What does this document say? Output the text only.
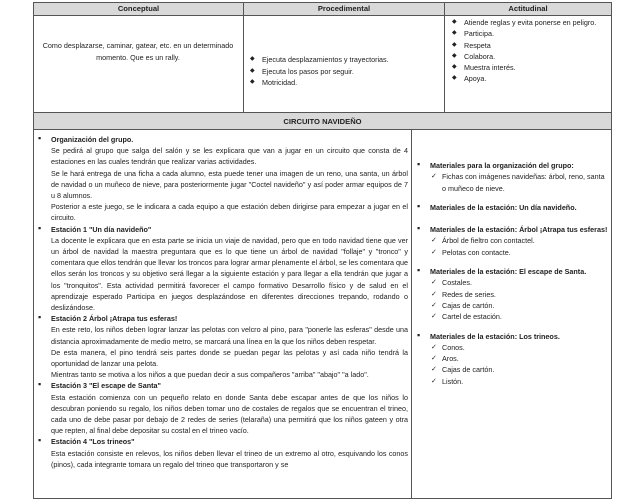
Conceptual	Procedimental	Actitudinal

Como desplazarse, caminar, gatear, etc. en un determinado momento. Que es un rally.

◆	Ejecuta desplazamientos y trayectorias.
◆ Ejecuta los pasos por seguir.
◆ Motricidad.
◆ Atiende reglas y evita ponerse en peligro.
◆ Participa.
◆ Respeta
◆ Colabora.
◆ Muestra interés.
◆ Apoya.
CIRCUITO NAVIDEÑO
▪ Organización del grupo.
Se pedirá al grupo que salga del salón y se les explicara que van a jugar en un circuito que consta de 4 estaciones en las cuales tendrán que realizar varias actividades.
Se le hará entrega de una ficha a cada alumno, esta puede tener una imagen de un reno, una santa, un árbol de navidad o un muñeco de nieve, para posteriormente jugar "Coctel navideño" y así poder armar equipos de 7 u 8 alumnos.
Posterior a este juego, se le indicara a cada equipo a que estación deben dirigirse para empezar a jugar en el circuito.
▪ Estación 1 "Un día navideño"
La docente le explicara que en esta parte se inicia un viaje de navidad, pero que en todo navidad tiene que ver un árbol de navidad la maestra preguntara que es lo que tiene un árbol de navidad "follaje" y "tronco" y comentara que ellos tendrán que llevar los troncos para lograr armar plenamente el árbol, se les comentara que ellos serán los troncos y su objetivo será llegar a la siguiente estación y para llegar a ella tendrán que jugar a los "tronquitos". Esta actividad permitirá favorecer el campo formativo Desarrollo físico y de salud en el aprendizaje esperado Participa en juegos desplazándose en diferentes direcciones trepando, rodando o deslizándose.
▪ Estación 2 Árbol ¡Atrapa tus esferas!
En este reto, los niños deben lograr lanzar las pelotas con velcro al pino, para "ponerle las esferas" desde una distancia aproximadamente de medio metro, se marcará una línea en la que los niños deben respetar.
De esta manera, el pino tendrá seis partes donde se puedan pegar las pelotas y así cada niño tendrá la oportunidad de lanzar una pelota.
Mientras tanto se motiva a los niños a que puedan decir a sus compañeros "arriba" "abajo" "a lado".
▪ Estación 3 "El escape de Santa"
Esta estación comienza con un pequeño relato en donde Santa debe escapar antes de que los niños lo descubran poniendo su regalo, los niños deben tomar uno de costales de regalos que se encuentran el trineo, cada uno de debe pasar por debajo de 2 redes de series (telaraña) una permitirá que los niños gateen y otra que repten, al final debe depositar su costal en el trineo vacío.
▪ Estación 4 "Los trineos"
Esta estación consiste en relevos, los niños deben llevar el trineo de un extremo al otro, esquivando los conos (pinos), cada integrante tomara un regalo del trineo que transportaron y se
▪ Materiales para la organización del grupo:
✓ Fichas con imágenes navideñas: árbol, reno, santa o muñeco de nieve.
▪ Materiales de la estación: Un día navideño.
▪ Materiales de la estación: Árbol ¡Atrapa tus esferas!
✓ Árbol de fieltro con contactel.
✓ Pelotas con contacte.
▪ Materiales de la estación: El escape de Santa.
✓ Costales.
✓ Redes de series.
✓ Cajas de cartón.
✓ Cartel de estación.
▪ Materiales de la estación: Los trineos.
✓ Conos.
✓ Aros.
✓ Cajas de cartón.
✓ Listón.
